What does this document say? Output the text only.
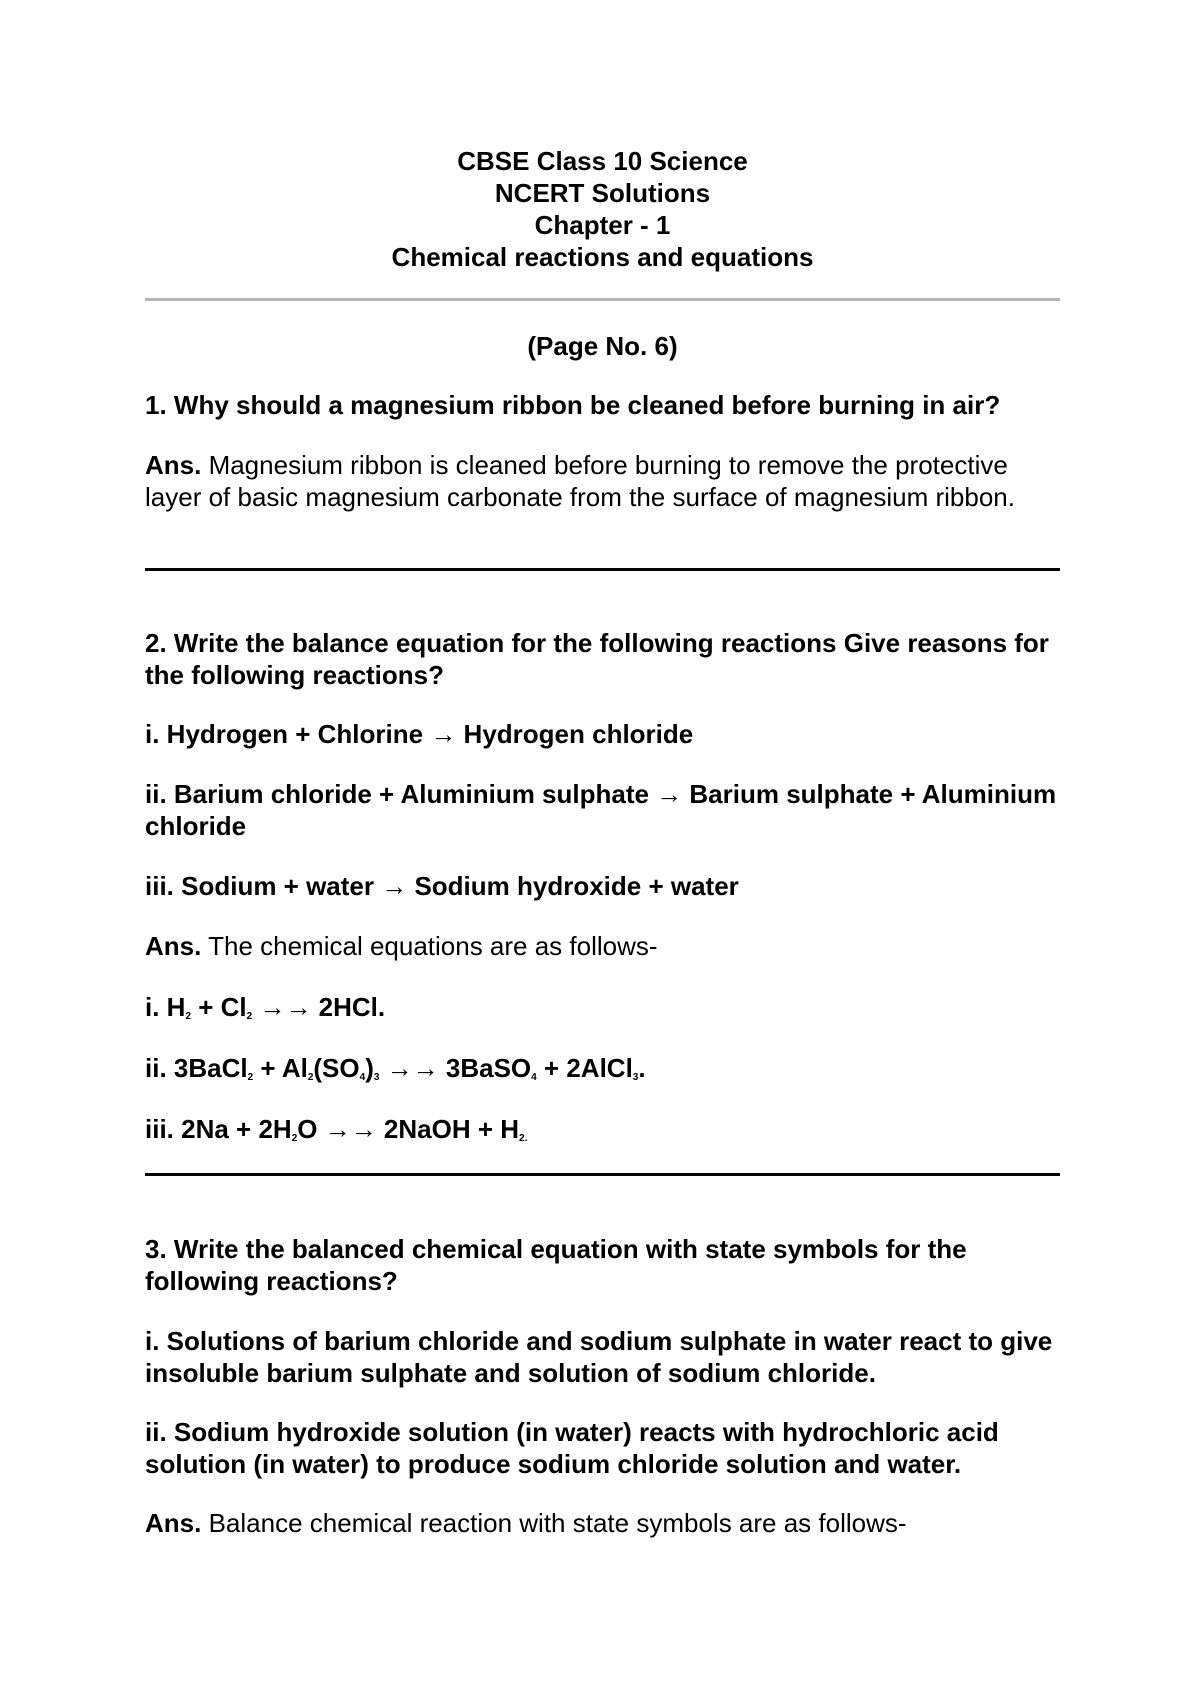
CBSE Class 10 Science
NCERT Solutions
Chapter - 1
Chemical reactions and equations
(Page No. 6)
1. Why should a magnesium ribbon be cleaned before burning in air?
Ans. Magnesium ribbon is cleaned before burning to remove the protective layer of basic magnesium carbonate from the surface of magnesium ribbon.
2. Write the balance equation for the following reactions Give reasons for the following reactions?
i. Hydrogen + Chlorine → Hydrogen chloride
ii. Barium chloride + Aluminium sulphate → Barium sulphate + Aluminium chloride
iii. Sodium + water → Sodium hydroxide + water
Ans. The chemical equations are as follows-
i. $H_2 + Cl_2 \to\to 2HCl$.
ii. 3BaCl$_2$ + $Al_2(SO_4)_3$ →→ 3BaSO$_4$ + 2AlCl$_3$.
iii. $2Na + 2H_2O$ →→ 2NaOH + $H_{2.}$
3. Write the balanced chemical equation with state symbols for the following reactions?
i. Solutions of barium chloride and sodium sulphate in water react to give insoluble barium sulphate and solution of sodium chloride.
ii. Sodium hydroxide solution (in water) reacts with hydrochloric acid solution (in water) to produce sodium chloride solution and water.
Ans. Balance chemical reaction with state symbols are as follows-
